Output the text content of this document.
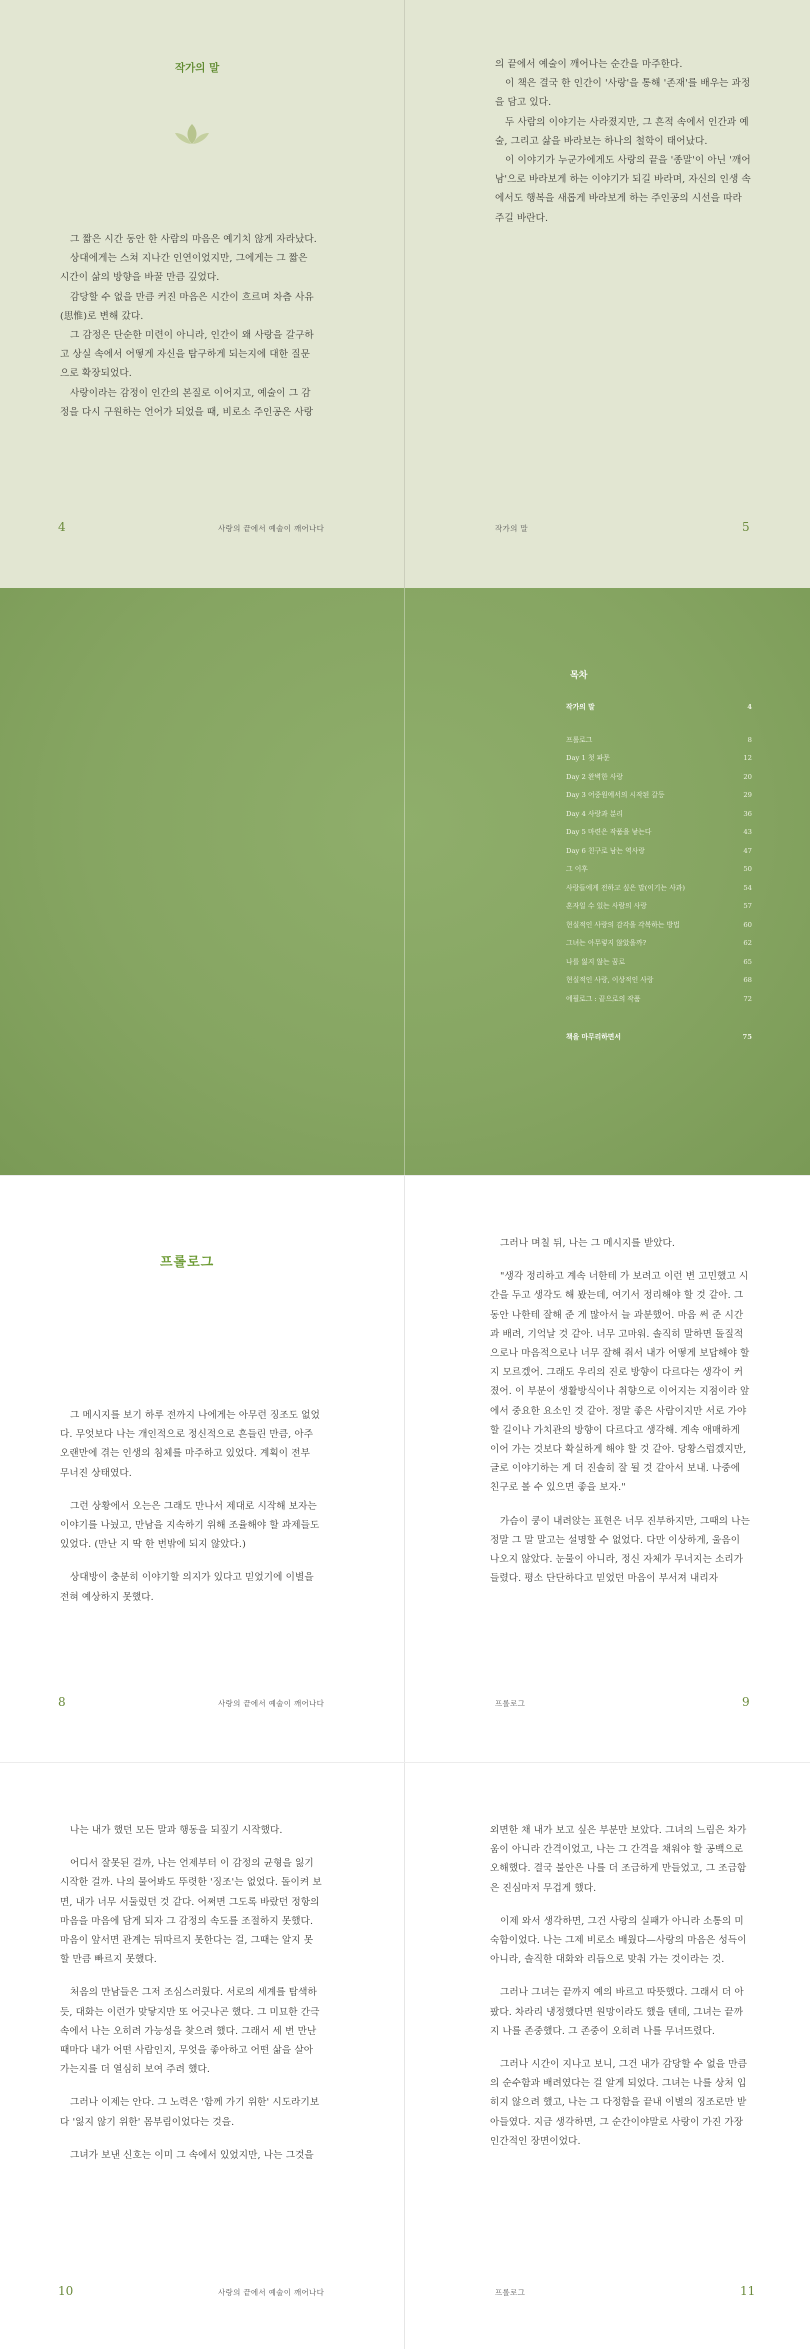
작가의 말

그 짧은 시간 동안 한 사람의 마음은 예기치 않게 자라났다.

상대에게는 스쳐 지나간 인연이었지만, 그에게는 그 짧은 시간이 삶의 방향을 바꿀 만큼 깊었다.

감당할 수 없을 만큼 커진 마음은 시간이 흐르며 차츰 사유(思惟)로 변해 갔다.

그 감정은 단순한 미련이 아니라, 인간이 왜 사랑을 갈구하고 상실 속에서 어떻게 자신을 탐구하게 되는지에 대한 질문으로 확장되었다.

사랑이라는 감정이 인간의 본질로 이어지고, 예술이 그 감정을 다시 구원하는 언어가 되었을 때, 비로소 주인공은 사랑

4	사랑의 끝에서 예술이 깨어나다

의 끝에서 예술이 깨어나는 순간을 마주한다.

이 책은 결국 한 인간이 '사랑'을 통해 '존재'를 배우는 과정을 담고 있다.

두 사람의 이야기는 사라졌지만, 그 흔적 속에서 인간과 예술, 그리고 삶을 바라보는 하나의 철학이 태어났다.

이 이야기가 누군가에게도 사랑의 끝을 '종말'이 아닌 '깨어남'으로 바라보게 하는 이야기가 되길 바라며, 자신의 인생 속에서도 행복을 새롭게 바라보게 하는 주인공의 시선을 따라 주길 바란다.

작가의 말	5
목차
작가의 말	4
프롤로그	8
Day 1 첫 파문	12
Day 2 완벽한 사랑	20
Day 3 어중원에서의 시작된 갈등	29
Day 4 사랑과 분리	36
Day 5 마련은 작품을 낳는다	43
Day 6 친구로 남는 역사랑	47
그 이후	50
사랑들에게 전하고 싶은 말(이기는 사과)	54
혼자일 수 있는 사람의 사랑	57
현실적인 사랑의 감각을 각복하는 방법	60
그녀는 아무렇지 않았을까?	62
나를 잃지 않는 꿈로	65
현실적인 사랑, 이상적인 사랑	68
에필로그 : 끝으로의 작품	72
책을 마무리하면서	75
프롤로그

그 메시지를 보기 하루 전까지 나에게는 아무런 징조도 없었다. 무엇보다 나는 개인적으로 정신적으로 흔들린 만큼, 아주 오랜만에 겪는 인생의 침체를 마주하고 있었다. 계획이 전부 무너진 상태였다.

그런 상황에서 오는은 그래도 만나서 제대로 시작해 보자는 이야기를 나눴고, 만남을 지속하기 위해 조율해야 할 과제들도 있었다. (만난 지 딱 한 번밖에 되지 않았다.)

상대방이 충분히 이야기할 의지가 있다고 믿었기에 이별을 전혀 예상하지 못했다.

8	사랑의 끝에서 예술이 깨어나다

그러나 며칠 뒤, 나는 그 메시지를 받았다.

"생각 정리하고 계속 너한테 가 보려고 이런 변 고민했고 시간을 두고 생각도 해 봤는데, 여기서 정리해야 할 것 같아. 그동안 나한테 잘해 준 게 많아서 늘 과분했어. 마음 써 준 시간과 배려, 기억날 것 같아. 너무 고마워. 솔직히 말하면 돌질적으로나 마음적으로나 너무 잘해 줘서 내가 어떻게 보답해야 할지 모르겠어. 그래도 우리의 진로 방향이 다르다는 생각이 커졌어. 이 부분이 생활방식이나 취향으로 이어지는 지점이라 앞에서 중요한 요소인 것 같아. 정말 좋은 사람이지만 서로 가야 할 길이나 가치관의 방향이 다르다고 생각해. 계속 애매하게 이어 가는 것보다 확실하게 해야 할 것 같아. 당황스럽겠지만, 글로 이야기하는 게 더 진솔히 잘 될 것 같아서 보내. 나중에 친구로 볼 수 있으면 좋을 보자."

가슴이 쿵이 내려앉는 표현은 너무 진부하지만, 그때의 나는 정말 그 말 말고는 설명할 수 없었다. 다만 이상하게, 울음이 나오지 않았다. 눈물이 아니라, 정신 자체가 무너지는 소리가 들렸다. 평소 단단하다고 믿었던 마음이 부서져 내리자

프롤로그	9

나는 내가 했던 모든 말과 행동을 되짚기 시작했다.

어디서 잘못된 걸까, 나는 언제부터 이 감정의 균형을 잃기 시작한 걸까. 나의 물어봐도 뚜렷한 '징조'는 없었다. 돌이켜 보면, 내가 너무 서둘렀던 것 같다. 어쩌면 그도록 바랐던 정항의 마음을 마음에 담게 되자 그 감정의 속도를 조절하지 못했다. 마음이 앞서면 관계는 뒤따르지 못한다는 걸, 그때는 알지 못할 만큼 빠르지 못했다.

처음의 만남들은 그저 조심스러웠다. 서로의 세계를 탐색하듯, 대화는 이런가 맞닿지만 또 어긋나곤 했다. 그 미묘한 간극 속에서 나는 오히려 가능성을 찾으려 했다. 그래서 세 번 만난 때마다 내가 어떤 사람인지, 무엇을 좋아하고 어떤 삶을 살아가는지를 더 열심히 보여 주려 했다.

그러나 이제는 안다. 그 노력은 '함께 가기 위한' 시도라기보다 '잃지 않기 위한' 몸부림이었다는 것을.

그녀가 보낸 신호는 이미 그 속에서 있었지만, 나는 그것을

10	사랑의 끝에서 예술이 깨어나다

외면한 채 내가 보고 싶은 부분만 보았다. 그녀의 느림은 차가움이 아니라 간격이었고, 나는 그 간격을 채워야 할 공백으로 오해했다. 결국 불안은 나를 더 조급하게 만들었고, 그 조급함은 진심마저 무겁게 했다.

이제 와서 생각하면, 그건 사랑의 실패가 아니라 소통의 미숙함이었다. 나는 그제 비로소 배웠다—사랑의 마음은 성득이 아니라, 솔직한 대화와 리듬으로 맞춰 가는 것이라는 것.

그러나 그녀는 끝까지 예의 바르고 따뜻했다. 그래서 더 아팠다. 차라리 냉정했다면 원망이라도 했을 텐데, 그녀는 끝까지 나를 존중했다. 그 존중이 오히려 나를 무너뜨렸다.

그러나 시간이 지나고 보니, 그건 내가 감당할 수 없을 만큼의 순수함과 배려였다는 걸 알게 되었다. 그녀는 나를 상처 입히지 않으려 했고, 나는 그 다정함을 끝내 이별의 징조로만 받아들였다. 지금 생각하면, 그 순간이야말로 사랑이 가진 가장 인간적인 장면이었다.

프롤로그	11
